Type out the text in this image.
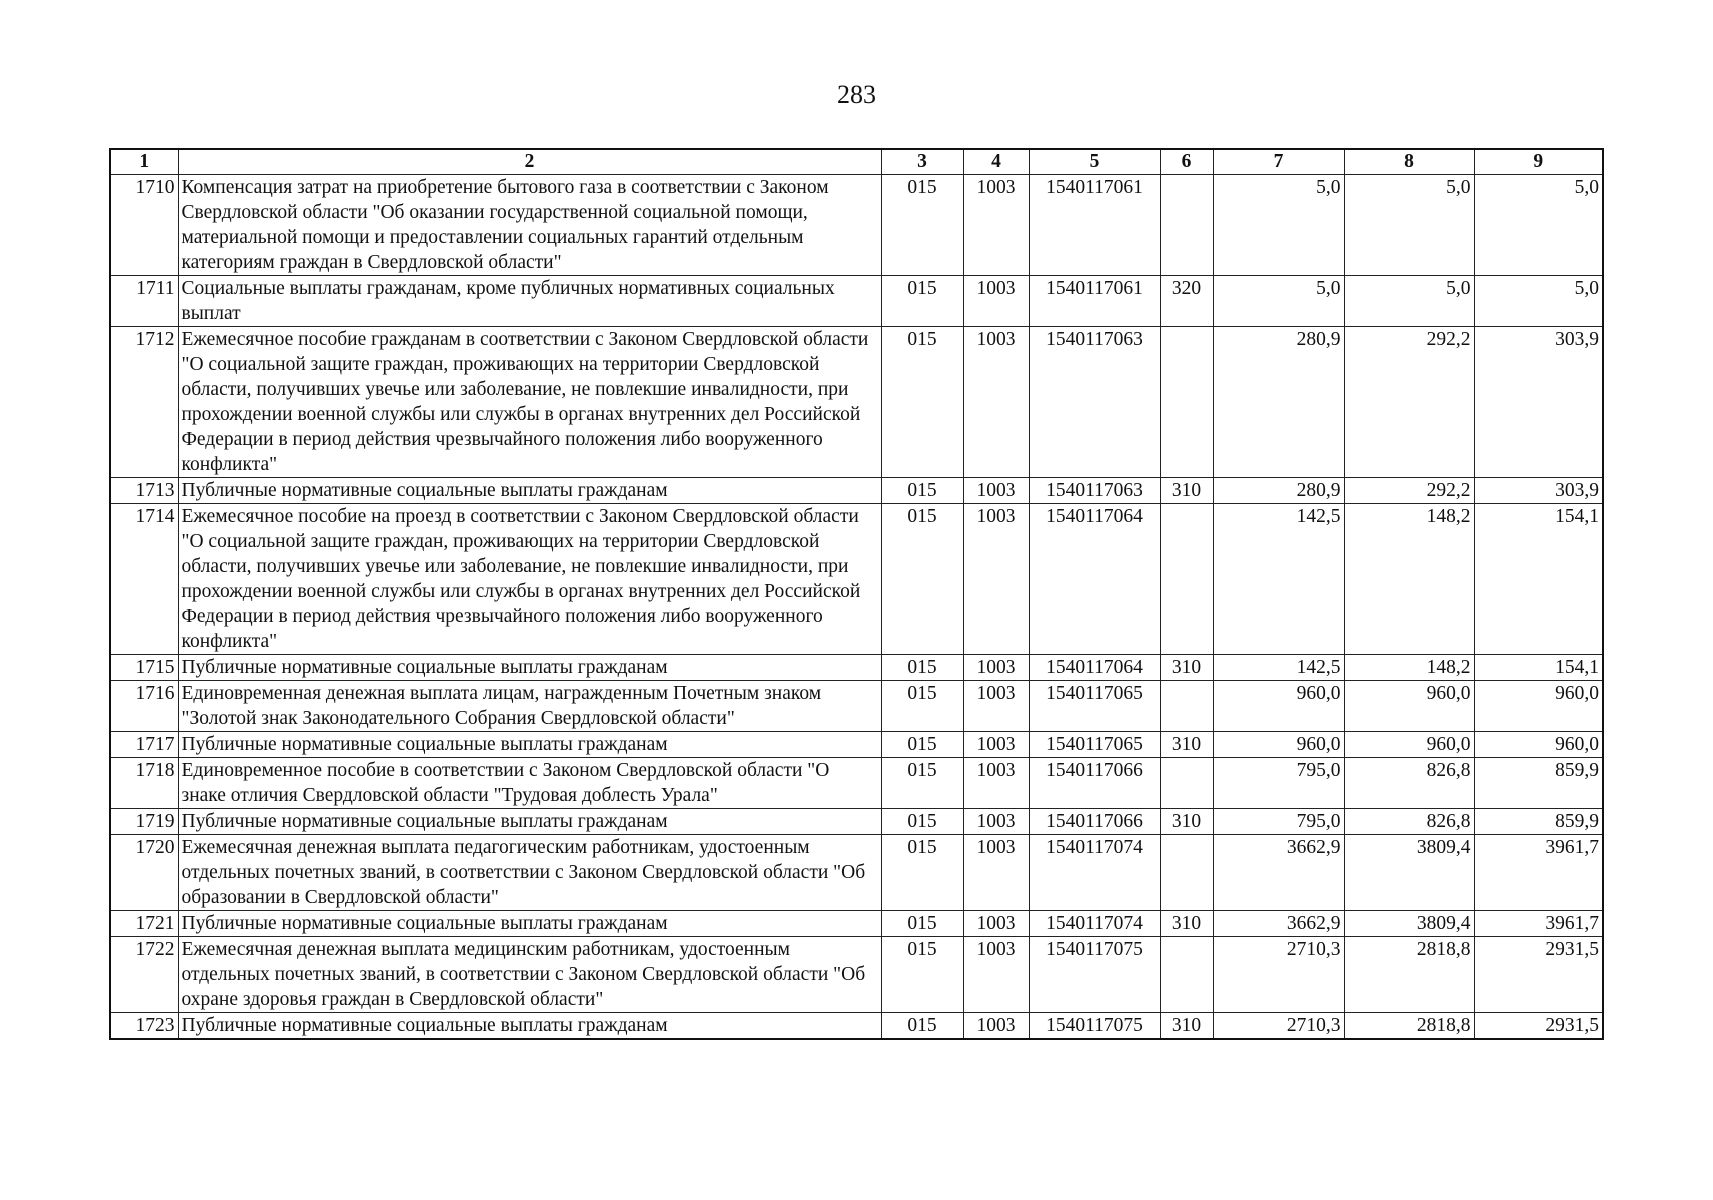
283
1	2	3	4	5	6	7	8	9
1710	Компенсация затрат на приобретение бытового газа в соответствии с Законом Свердловской области "Об оказании государственной социальной помощи, материальной помощи и предоставлении социальных гарантий отдельным категориям граждан в Свердловской области"	015	1003	1540117061		5,0	5,0	5,0
1711	Социальные выплаты гражданам, кроме публичных нормативных социальных выплат	015	1003	1540117061	320	5,0	5,0	5,0
1712	Ежемесячное пособие гражданам в соответствии с Законом Свердловской области "О социальной защите граждан, проживающих на территории Свердловской области, получивших увечье или заболевание, не повлекшие инвалидности, при прохождении военной службы или службы в органах внутренних дел Российской Федерации в период действия чрезвычайного положения либо вооруженного конфликта"	015	1003	1540117063		280,9	292,2	303,9
1713	Публичные нормативные социальные выплаты гражданам	015	1003	1540117063	310	280,9	292,2	303,9
1714	Ежемесячное пособие на проезд в соответствии с Законом Свердловской области "О социальной защите граждан, проживающих на территории Свердловской области, получивших увечье или заболевание, не повлекшие инвалидности, при прохождении военной службы или службы в органах внутренних дел Российской Федерации в период действия чрезвычайного положения либо вооруженного конфликта"	015	1003	1540117064		142,5	148,2	154,1
1715	Публичные нормативные социальные выплаты гражданам	015	1003	1540117064	310	142,5	148,2	154,1
1716	Единовременная денежная выплата лицам, награжденным Почетным знаком "Золотой знак Законодательного Собрания Свердловской области"	015	1003	1540117065		960,0	960,0	960,0
1717	Публичные нормативные социальные выплаты гражданам	015	1003	1540117065	310	960,0	960,0	960,0
1718	Единовременное пособие в соответствии с Законом Свердловской области "О знаке отличия Свердловской области "Трудовая доблесть Урала"	015	1003	1540117066		795,0	826,8	859,9
1719	Публичные нормативные социальные выплаты гражданам	015	1003	1540117066	310	795,0	826,8	859,9
1720	Ежемесячная денежная выплата педагогическим работникам, удостоенным отдельных почетных званий, в соответствии с Законом Свердловской области "Об образовании в Свердловской области"	015	1003	1540117074		3662,9	3809,4	3961,7
1721	Публичные нормативные социальные выплаты гражданам	015	1003	1540117074	310	3662,9	3809,4	3961,7
1722	Ежемесячная денежная выплата медицинским работникам, удостоенным отдельных почетных званий, в соответствии с Законом Свердловской области "Об охране здоровья граждан в Свердловской области"	015	1003	1540117075		2710,3	2818,8	2931,5
1723	Публичные нормативные социальные выплаты гражданам	015	1003	1540117075	310	2710,3	2818,8	2931,5
